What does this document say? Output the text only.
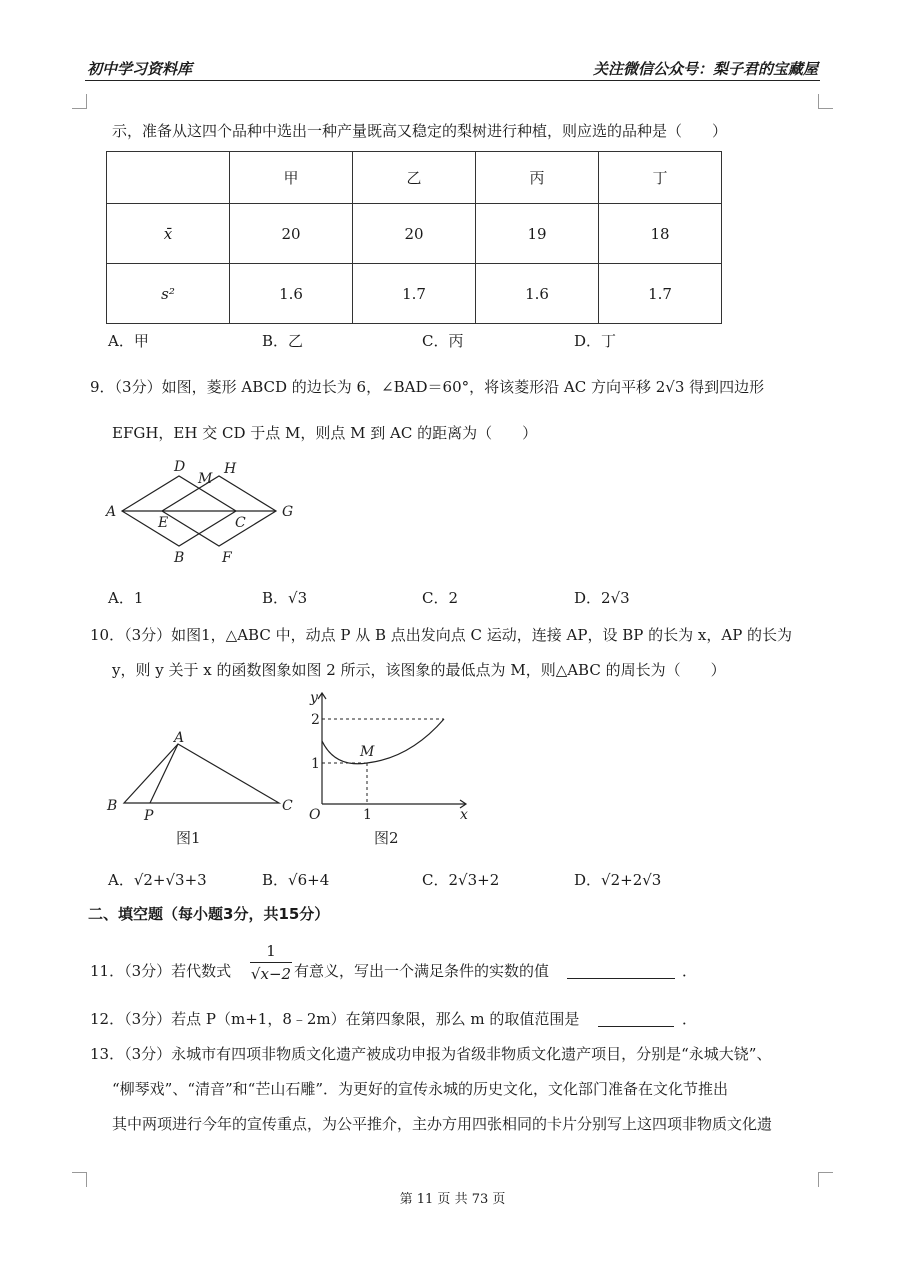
初中学习资料库	关注微信公众号：梨子君的宝藏屋
示，准备从这四个品种中选出一种产量既高又稳定的梨树进行种植，则应选的品种是（　　）
	甲	乙	丙	丁
x̄	20	20	19	18
s²	1.6	1.7	1.6	1.7
A．甲	B．乙	C．丙	D．丁
9．（3分）如图，菱形 ABCD 的边长为 6，∠BAD＝60°，将该菱形沿 AC 方向平移 2√3 得到四边形
EFGH，EH 交 CD 于点 M，则点 M 到 AC 的距离为（　　）
D
M
H
A
E	C
G
B	F
A．1	B．√3	C．2	D．2√3
10．（3分）如图1，△ABC 中，动点 P 从 B 点出发向点 C 运动，连接 AP，设 BP 的长为 x，AP 的长为
y，则 y 关于 x 的函数图象如图 2 所示，该图象的最低点为 M，则△ABC 的周长为（　　）
A
B
P
C
图1
y
2
M
1
O	1	x
图2
A．√2+√3+3	B．√6+4	C．2√3+2	D．√2+2√3
二、填空题（每小题3分，共15分）
11．（3分）若代数式 $\frac{1}{√x-2}$ 有意义，写出一个满足条件的实数的值	．
12．（3分）若点 P（m+1，8﹣2m）在第四象限，那么 m 的取值范围是	．
13．（3分）永城市有四项非物质文化遗产被成功申报为省级非物质文化遗产项目，分别是“永城大铙”、
“柳琴戏”、“清音”和“芒山石雕”．为更好的宣传永城的历史文化，文化部门准备在文化节推出
其中两项进行今年的宣传重点，为公平推介，主办方用四张相同的卡片分别写上这四项非物质文化遗
第 11 页 共 73 页
